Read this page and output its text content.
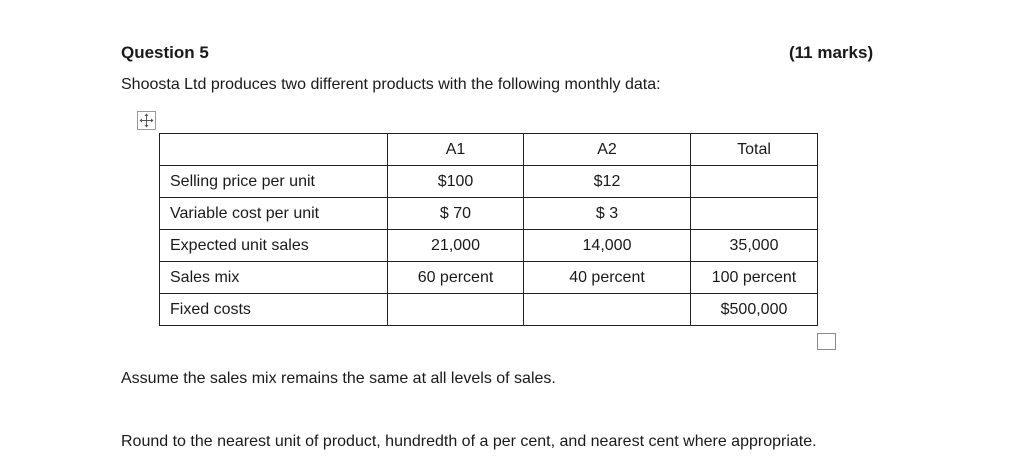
Question 5	(11 marks)
Shoosta Ltd produces two different products with the following monthly data:
	A1	A2	Total
Selling price per unit	$100	$12	
Variable cost per unit	$ 70	$ 3	
Expected unit sales	21,000	14,000	35,000
Sales mix	60 percent	40 percent	100 percent
Fixed costs			$500,000
Assume the sales mix remains the same at all levels of sales.
Round to the nearest unit of product, hundredth of a per cent, and nearest cent where appropriate.
